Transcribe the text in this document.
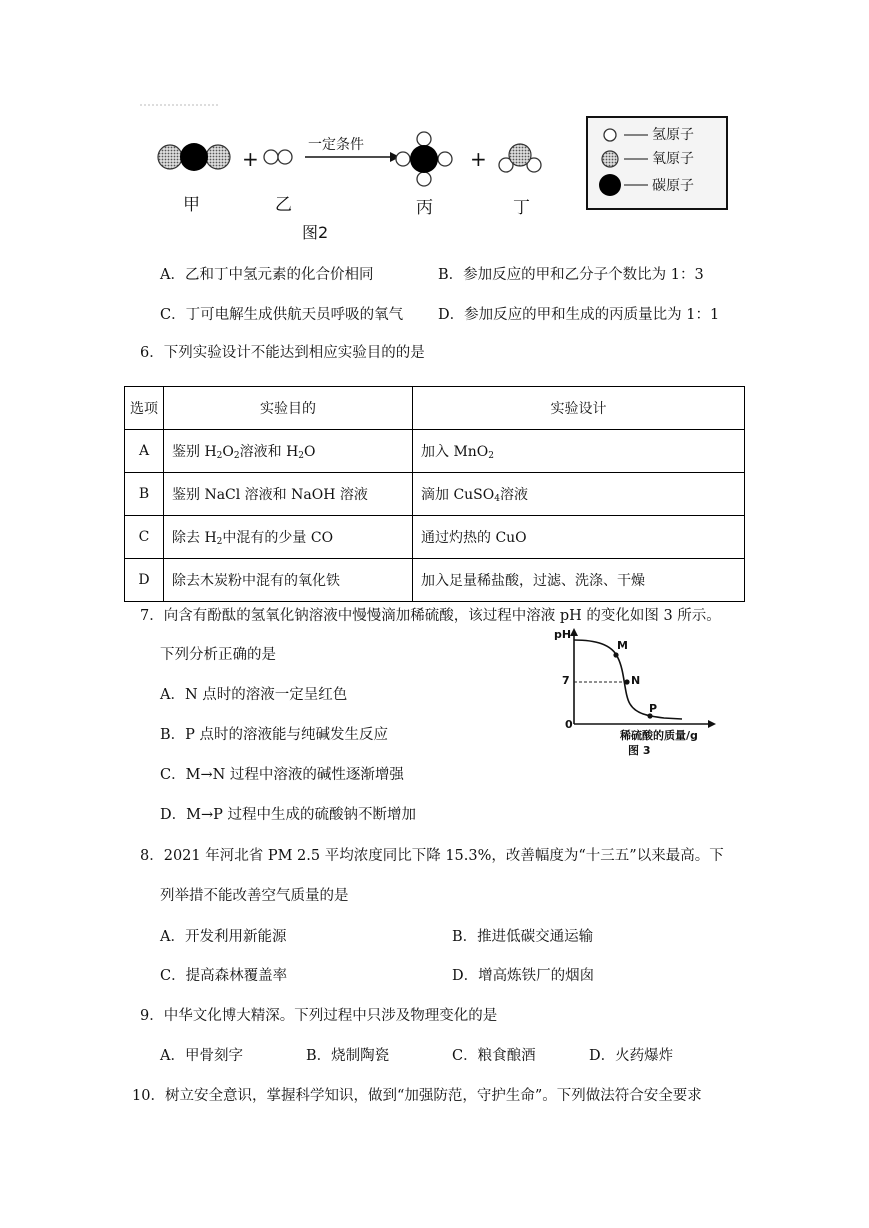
+	+
一定条件
甲	乙	丙	丁
图2
氢原子
氧原子
碳原子
A．乙和丁中氢元素的化合价相同	B．参加反应的甲和乙分子个数比为 1：3
C．丁可电解生成供航天员呼吸的氧气 D．参加反应的甲和生成的丙质量比为 1：1
6．下列实验设计不能达到相应实验目的的是
选项	实验目的	实验设计
A	鉴别 $H_2O_2$溶液和 $H_2O$	加入 MnO$_2$
B	鉴别 NaCl 溶液和 NaOH 溶液	滴加 CuSO$_4$溶液
C	除去 $H_2$中混有的少量 CO	通过灼热的 CuO
D	除去木炭粉中混有的氧化铁	加入足量稀盐酸，过滤、洗涤、干燥
7．向含有酚酞的氢氧化钠溶液中慢慢滴加稀硫酸，该过程中溶液 pH 的变化如图 3 所示。
下列分析正确的是
A．N 点时的溶液一定呈红色
B．P 点时的溶液能与纯碱发生反应
C．M→N 过程中溶液的碱性逐渐增强
D．M→P 过程中生成的硫酸钠不断增加
pH
7
0
M
N
P
稀硫酸的质量/g
图 3
8．2021 年河北省 PM 2.5 平均浓度同比下降 15.3%，改善幅度为“十三五”以来最高。下
列举措不能改善空气质量的是
A．开发利用新能源	B．推进低碳交通运输
C．提高森林覆盖率	D．增高炼铁厂的烟囱
9．中华文化博大精深。下列过程中只涉及物理变化的是
A．甲骨刻字	B．烧制陶瓷	C．粮食酿酒	D．火药爆炸
10．树立安全意识，掌握科学知识，做到“加强防范，守护生命”。下列做法符合安全要求
